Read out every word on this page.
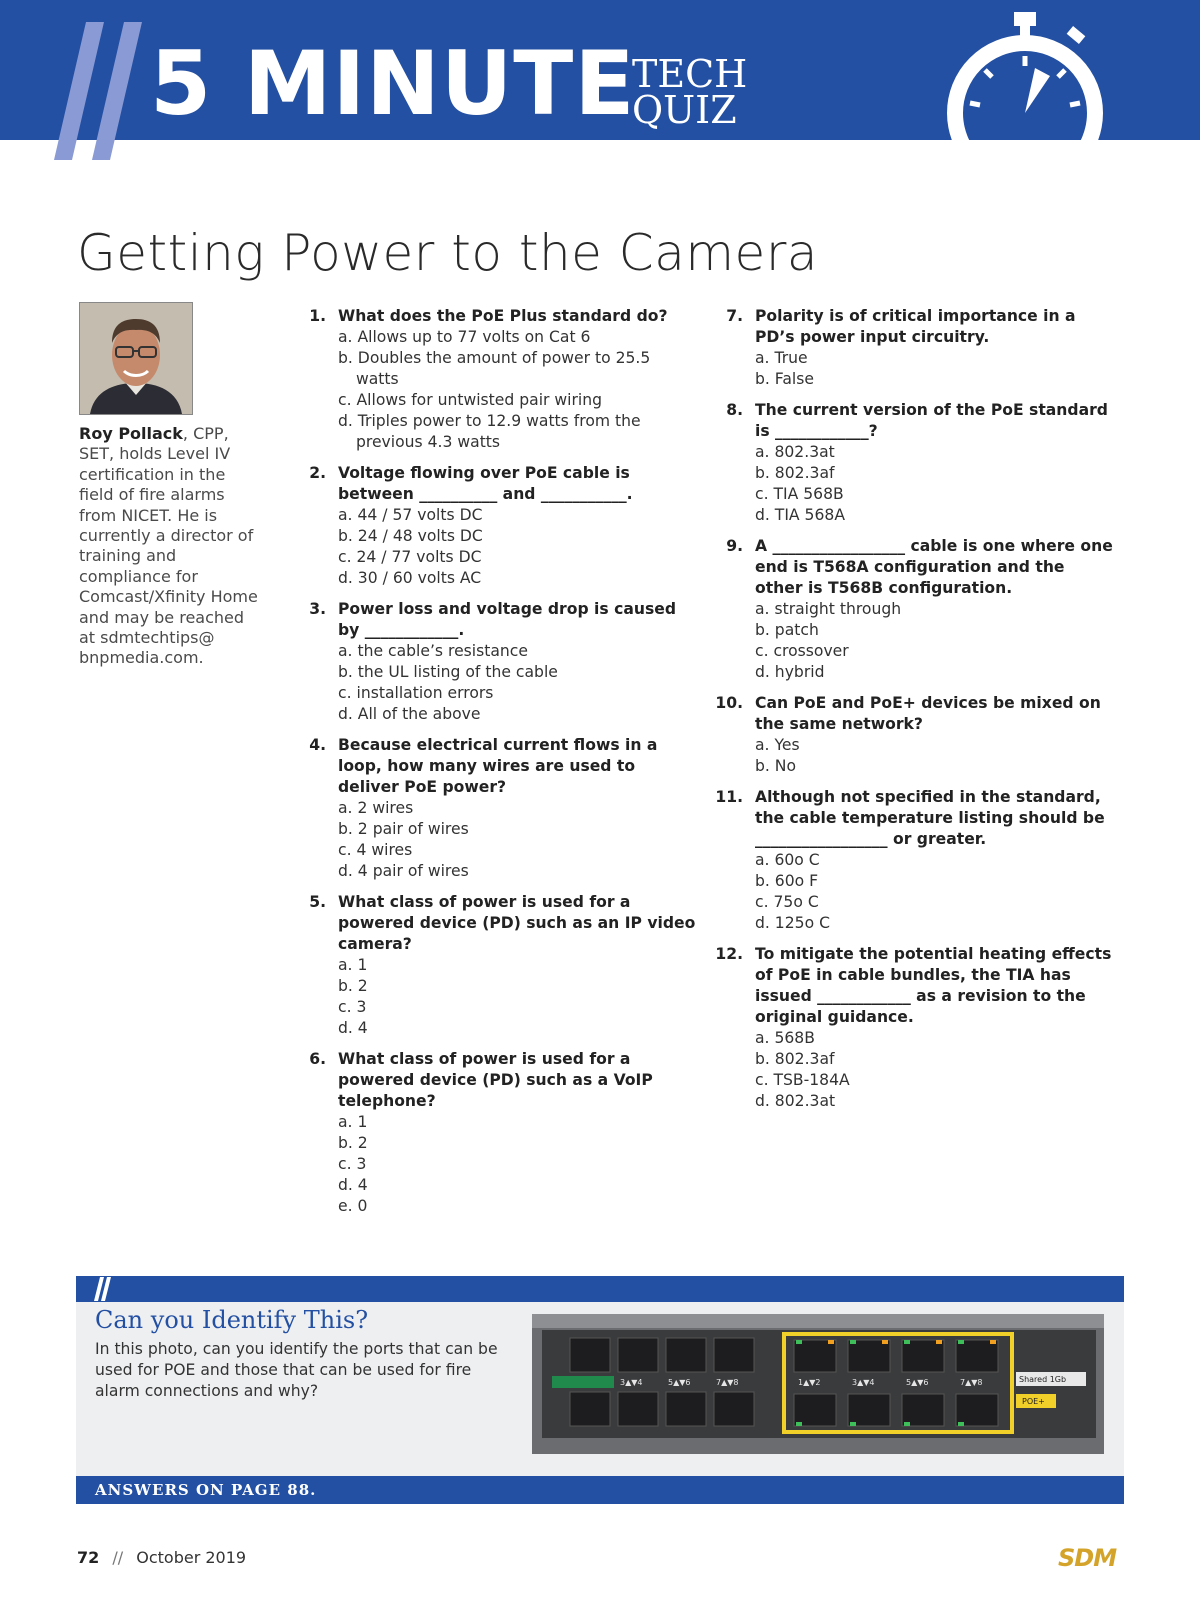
5 MINUTE
TECH
QUIZ
Getting Power to the Camera
Roy Pollack, CPP, SET, holds Level IV certification in the field of fire alarms from NICET. He is currently a director of training and compliance for Comcast/Xfinity Home and may be reached at sdmtechtips@ bnpmedia.com.
1. What does the PoE Plus standard do?
a. Allows up to 77 volts on Cat 6
b. Doubles the amount of power to 25.5 watts
c. Allows for untwisted pair wiring
d. Triples power to 12.9 watts from the previous 4.3 watts
2. Voltage flowing over PoE cable is between __________ and ___________.
a. 44 / 57 volts DC
b. 24 / 48 volts DC
c. 24 / 77 volts DC
d. 30 / 60 volts AC
3. Power loss and voltage drop is caused by ____________.
a. the cable’s resistance
b. the UL listing of the cable
c. installation errors
d. All of the above
4. Because electrical current flows in a loop, how many wires are used to deliver PoE power?
a. 2 wires
b. 2 pair of wires
c. 4 wires
d. 4 pair of wires
5. What class of power is used for a powered device (PD) such as an IP video camera?
a. 1
b. 2
c. 3
d. 4
6. What class of power is used for a powered device (PD) such as a VoIP telephone?
a. 1
b. 2
c. 3
d. 4
e. 0
7. Polarity is of critical importance in a PD’s power input circuitry.
a. True
b. False
8. The current version of the PoE standard is ____________?
a. 802.3at
b. 802.3af
c. TIA 568B
d. TIA 568A
9. A _________________ cable is one where one end is T568A configuration and the other is T568B configuration.
a. straight through
b. patch
c. crossover
d. hybrid
10. Can PoE and PoE+ devices be mixed on the same network?
a. Yes
b. No
11. Although not specified in the standard, the cable temperature listing should be _________________ or greater.
a. 60o C
b. 60o F
c. 75o C
d. 125o C
12. To mitigate the potential heating effects of PoE in cable bundles, the TIA has issued ____________ as a revision to the original guidance.
a. 568B
b. 802.3af
c. TSB-184A
d. 802.3at
Can you Identify This?
In this photo, can you identify the ports that can be used for POE and those that can be used for fire alarm connections and why?	3▲▼4	5▲▼6	7▲▼8	1▲▼2	3▲▼4	5▲▼6	7▲▼8	Shared 1Gb
POE+
ANSWERS ON PAGE 88.
72 // October 2019	SDM
